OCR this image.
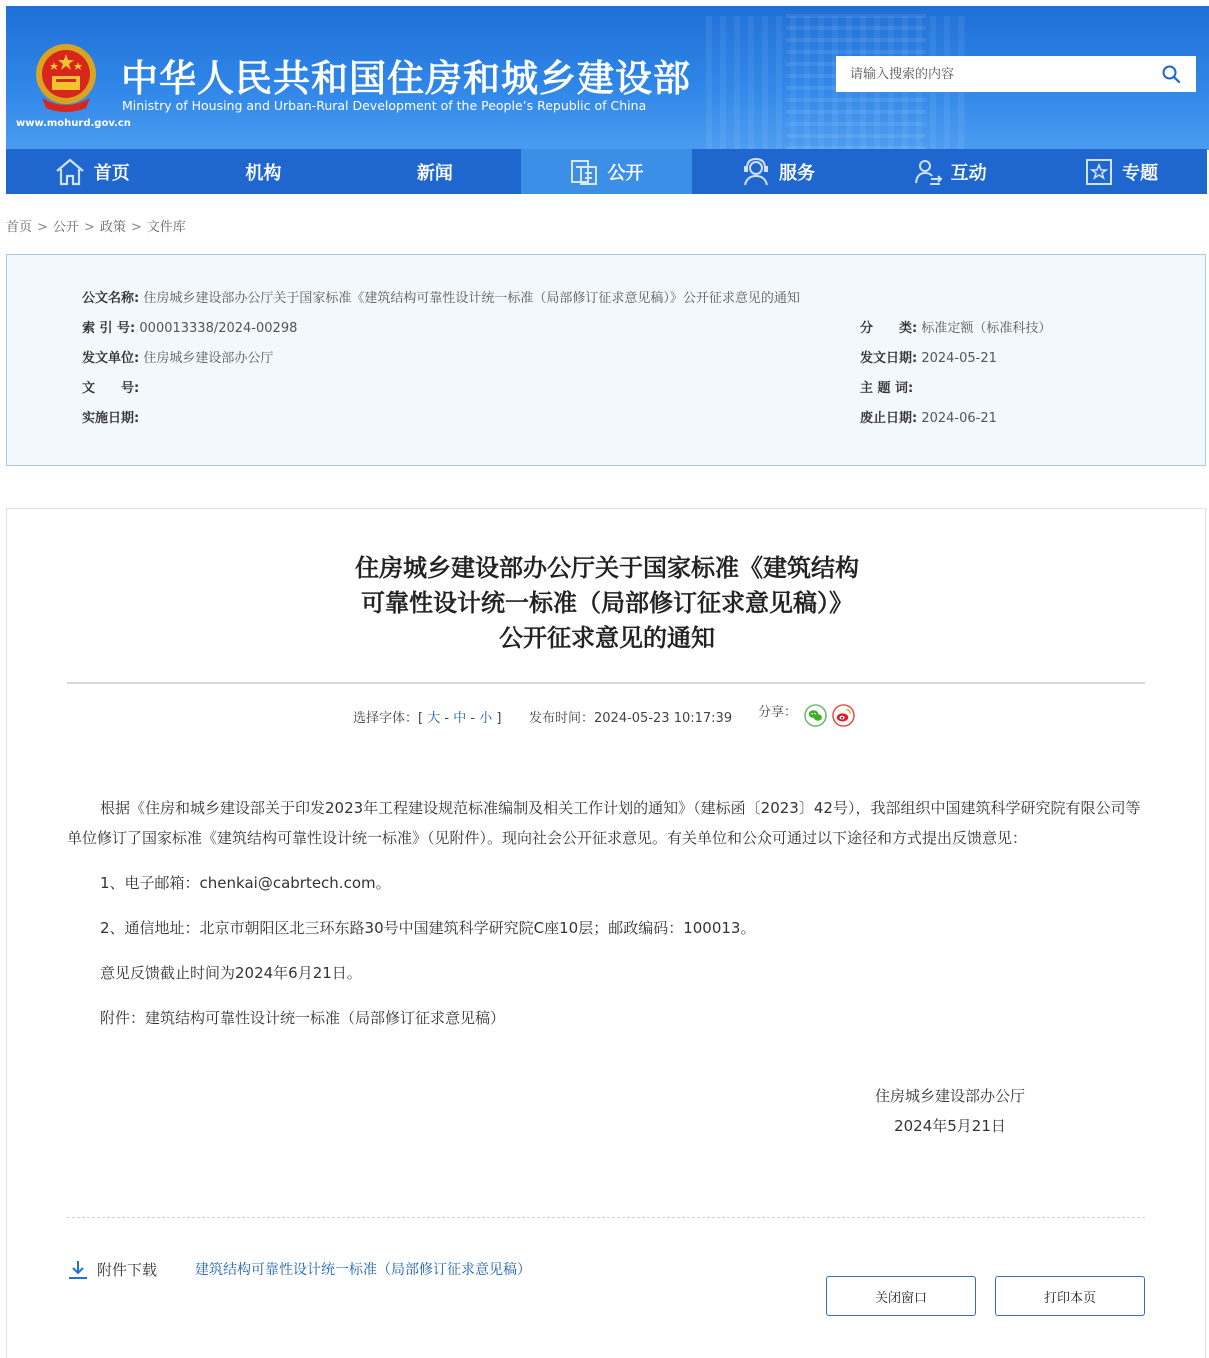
www.mohurd.gov.cn
中华人民共和国住房和城乡建设部
Ministry of Housing and Urban-Rural Development of the People’s Republic of China
请输入搜索的内容
首页	机构	新闻	公开	服务	互动	专题
首页 > 公开 > 政策 > 文件库
公文名称: 住房城乡建设部办公厅关于国家标准《建筑结构可靠性设计统一标准（局部修订征求意见稿）》公开征求意见的通知
索 引 号: 000013338/2024-00298	分　　类: 标准定额（标准科技）
发文单位: 住房城乡建设部办公厅	发文日期: 2024-05-21
文　　号:	主 题 词:
实施日期:	废止日期: 2024-06-21
住房城乡建设部办公厅关于国家标准《建筑结构
可靠性设计统一标准（局部修订征求意见稿）》
公开征求意见的通知
选择字体：[ 大 - 中 - 小 ] 发布时间：2024-05-23 10:17:39 分享：

根据《住房和城乡建设部关于印发2023年工程建设规范标准编制及相关工作计划的通知》（建标函〔2023〕42号），我部组织中国建筑科学研究院有限公司等单位修订了国家标准《建筑结构可靠性设计统一标准》（见附件）。现向社会公开征求意见。有关单位和公众可通过以下途径和方式提出反馈意见：

1、电子邮箱：chenkai@cabrtech.com。

2、通信地址：北京市朝阳区北三环东路30号中国建筑科学研究院C座10层；邮政编码：100013。

意见反馈截止时间为2024年6月21日。

附件：建筑结构可靠性设计统一标准（局部修订征求意见稿）

住房城乡建设部办公厅
2024年5月21日
附件下载	建筑结构可靠性设计统一标准（局部修订征求意见稿）
关闭窗口	打印本页
